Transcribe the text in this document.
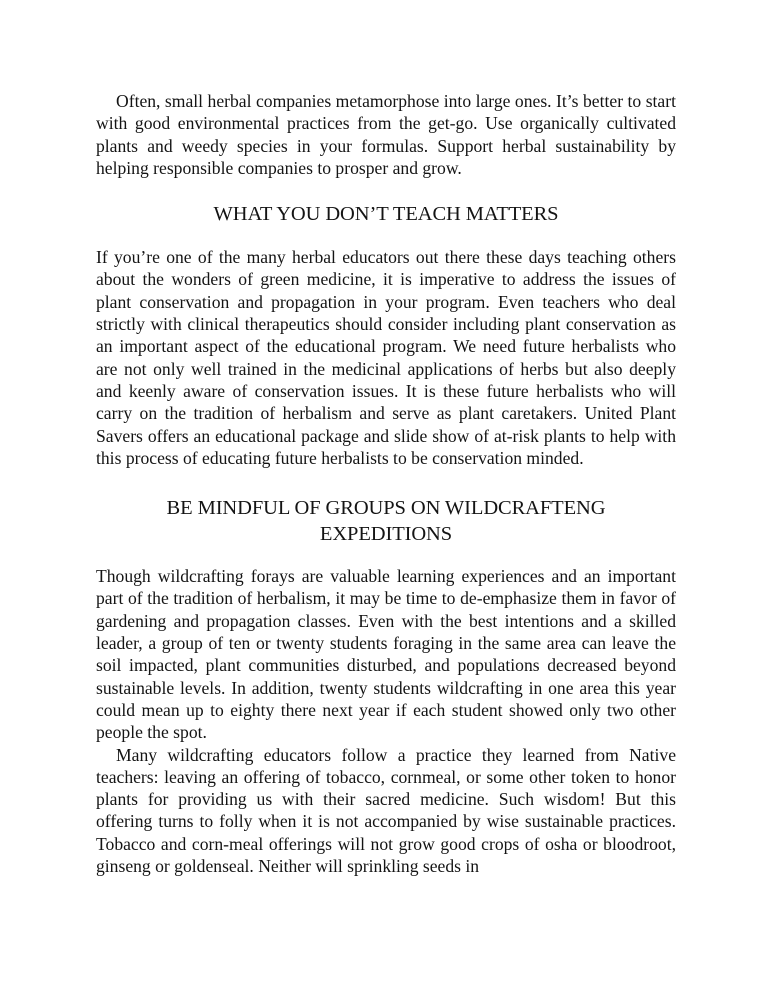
Often, small herbal companies metamorphose into large ones. It’s better to start with good environmental practices from the get-go. Use organically cultivated plants and weedy species in your formulas. Support herbal sustainability by helping responsible companies to prosper and grow.

WHAT YOU DON’T TEACH MATTERS

If you’re one of the many herbal educators out there these days teaching others about the wonders of green medicine, it is imperative to address the issues of plant conservation and propagation in your program. Even teachers who deal strictly with clinical therapeutics should consider including plant conservation as an important aspect of the educational program. We need future herbalists who are not only well trained in the medicinal applications of herbs but also deeply and keenly aware of conservation issues. It is these future herbalists who will carry on the tradition of herbalism and serve as plant caretakers. United Plant Savers offers an educational package and slide show of at-risk plants to help with this process of educating future herbalists to be conservation minded.

BE MINDFUL OF GROUPS ON WILDCRAFTENG
EXPEDITIONS

Though wildcrafting forays are valuable learning experiences and an important part of the tradition of herbalism, it may be time to de-emphasize them in favor of gardening and propagation classes. Even with the best intentions and a skilled leader, a group of ten or twenty students foraging in the same area can leave the soil impacted, plant communities disturbed, and populations decreased beyond sustainable levels. In addition, twenty students wildcrafting in one area this year could mean up to eighty there next year if each student showed only two other people the spot.

Many wildcrafting educators follow a practice they learned from Native teachers: leaving an offering of tobacco, cornmeal, or some other token to honor plants for providing us with their sacred medicine. Such wisdom! But this offering turns to folly when it is not accompanied by wise sustainable practices. Tobacco and corn-meal offerings will not grow good crops of osha or bloodroot, ginseng or goldenseal. Neither will sprinkling seeds in
